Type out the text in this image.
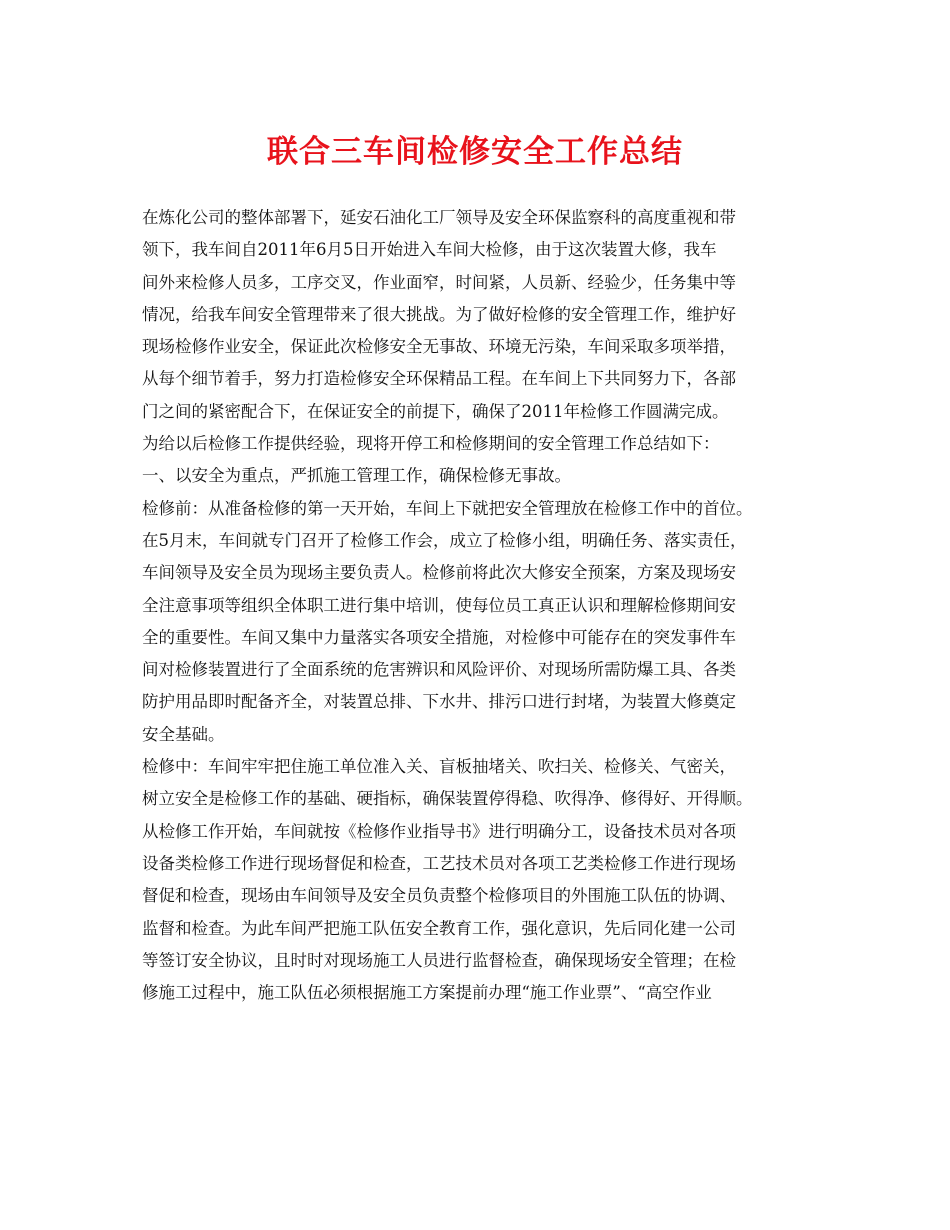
联合三车间检修安全工作总结
在炼化公司的整体部署下，延安石油化工厂领导及安全环保监察科的高度重视和带
领下，我车间自2011年6月5日开始进入车间大检修，由于这次装置大修，我车
间外来检修人员多，工序交叉，作业面窄，时间紧，人员新、经验少，任务集中等
情况，给我车间安全管理带来了很大挑战。为了做好检修的安全管理工作，维护好
现场检修作业安全，保证此次检修安全无事故、环境无污染，车间采取多项举措，
从每个细节着手，努力打造检修安全环保精品工程。在车间上下共同努力下，各部
门之间的紧密配合下，在保证安全的前提下，确保了2011年检修工作圆满完成。
为给以后检修工作提供经验，现将开停工和检修期间的安全管理工作总结如下：
一、以安全为重点，严抓施工管理工作，确保检修无事故。
检修前：从准备检修的第一天开始，车间上下就把安全管理放在检修工作中的首位。
在5月末，车间就专门召开了检修工作会，成立了检修小组，明确任务、落实责任，
车间领导及安全员为现场主要负责人。检修前将此次大修安全预案，方案及现场安
全注意事项等组织全体职工进行集中培训，使每位员工真正认识和理解检修期间安
全的重要性。车间又集中力量落实各项安全措施，对检修中可能存在的突发事件车
间对检修装置进行了全面系统的危害辨识和风险评价、对现场所需防爆工具、各类
防护用品即时配备齐全，对装置总排、下水井、排污口进行封堵，为装置大修奠定
安全基础。
检修中：车间牢牢把住施工单位准入关、盲板抽堵关、吹扫关、检修关、气密关，
树立安全是检修工作的基础、硬指标，确保装置停得稳、吹得净、修得好、开得顺。
从检修工作开始，车间就按《检修作业指导书》进行明确分工，设备技术员对各项
设备类检修工作进行现场督促和检查，工艺技术员对各项工艺类检修工作进行现场
督促和检查，现场由车间领导及安全员负责整个检修项目的外围施工队伍的协调、
监督和检查。为此车间严把施工队伍安全教育工作，强化意识，先后同化建一公司
等签订安全协议，且时时对现场施工人员进行监督检查，确保现场安全管理；在检
修施工过程中，施工队伍必须根据施工方案提前办理“施工作业票”、“高空作业
